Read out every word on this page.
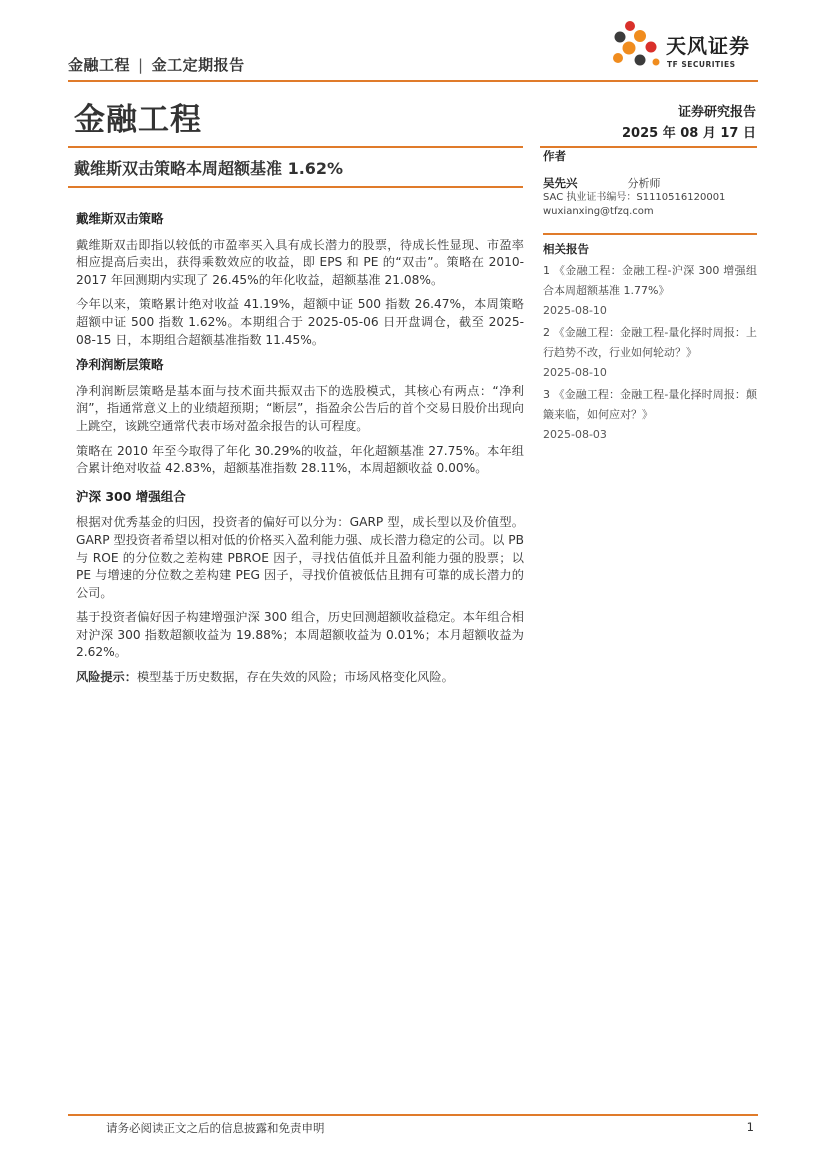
金融工程 | 金工定期报告
天风证券
TF SECURITIES
金融工程	证券研究报告
2025 年 08 月 17 日
戴维斯双击策略本周超额基准 1.62%
戴维斯双击策略

戴维斯双击即指以较低的市盈率买入具有成长潜力的股票，待成长性显现、市盈率相应提高后卖出，获得乘数效应的收益，即 EPS 和 PE 的“双击”。策略在 2010-2017 年回测期内实现了 26.45%的年化收益，超额基准 21.08%。

今年以来，策略累计绝对收益 41.19%，超额中证 500 指数 26.47%，本周策略超额中证 500 指数 1.62%。本期组合于 2025-05-06 日开盘调仓，截至 2025-08-15 日，本期组合超额基准指数 11.45%。

净利润断层策略

净利润断层策略是基本面与技术面共振双击下的选股模式，其核心有两点：“净利润”，指通常意义上的业绩超预期；“断层”，指盈余公告后的首个交易日股价出现向上跳空，该跳空通常代表市场对盈余报告的认可程度。

策略在 2010 年至今取得了年化 30.29%的收益，年化超额基准 27.75%。本年组合累计绝对收益 42.83%，超额基准指数 28.11%，本周超额收益 0.00%。

沪深 300 增强组合

根据对优秀基金的归因，投资者的偏好可以分为：GARP 型，成长型以及价值型。GARP 型投资者希望以相对低的价格买入盈利能力强、成长潜力稳定的公司。以 PB 与 ROE 的分位数之差构建 PBROE 因子，寻找估值低并且盈利能力强的股票；以 PE 与增速的分位数之差构建 PEG 因子，寻找价值被低估且拥有可靠的成长潜力的公司。

基于投资者偏好因子构建增强沪深 300 组合，历史回测超额收益稳定。本年组合相对沪深 300 指数超额收益为 19.88%；本周超额收益为 0.01%；本月超额收益为 2.62%。

风险提示：模型基于历史数据，存在失效的风险；市场风格变化风险。

作者
吴先兴	分析师
SAC 执业证书编号：S1110516120001
wuxianxing@tfzq.com
相关报告
1 《金融工程：金融工程-沪深 300 增强组合本周超额基准 1.77%》
2025-08-10
2 《金融工程：金融工程-量化择时周报：上行趋势不改，行业如何轮动？》
2025-08-10
3 《金融工程：金融工程-量化择时周报：颠簸来临，如何应对？》
2025-08-03
请务必阅读正文之后的信息披露和免责申明	1
